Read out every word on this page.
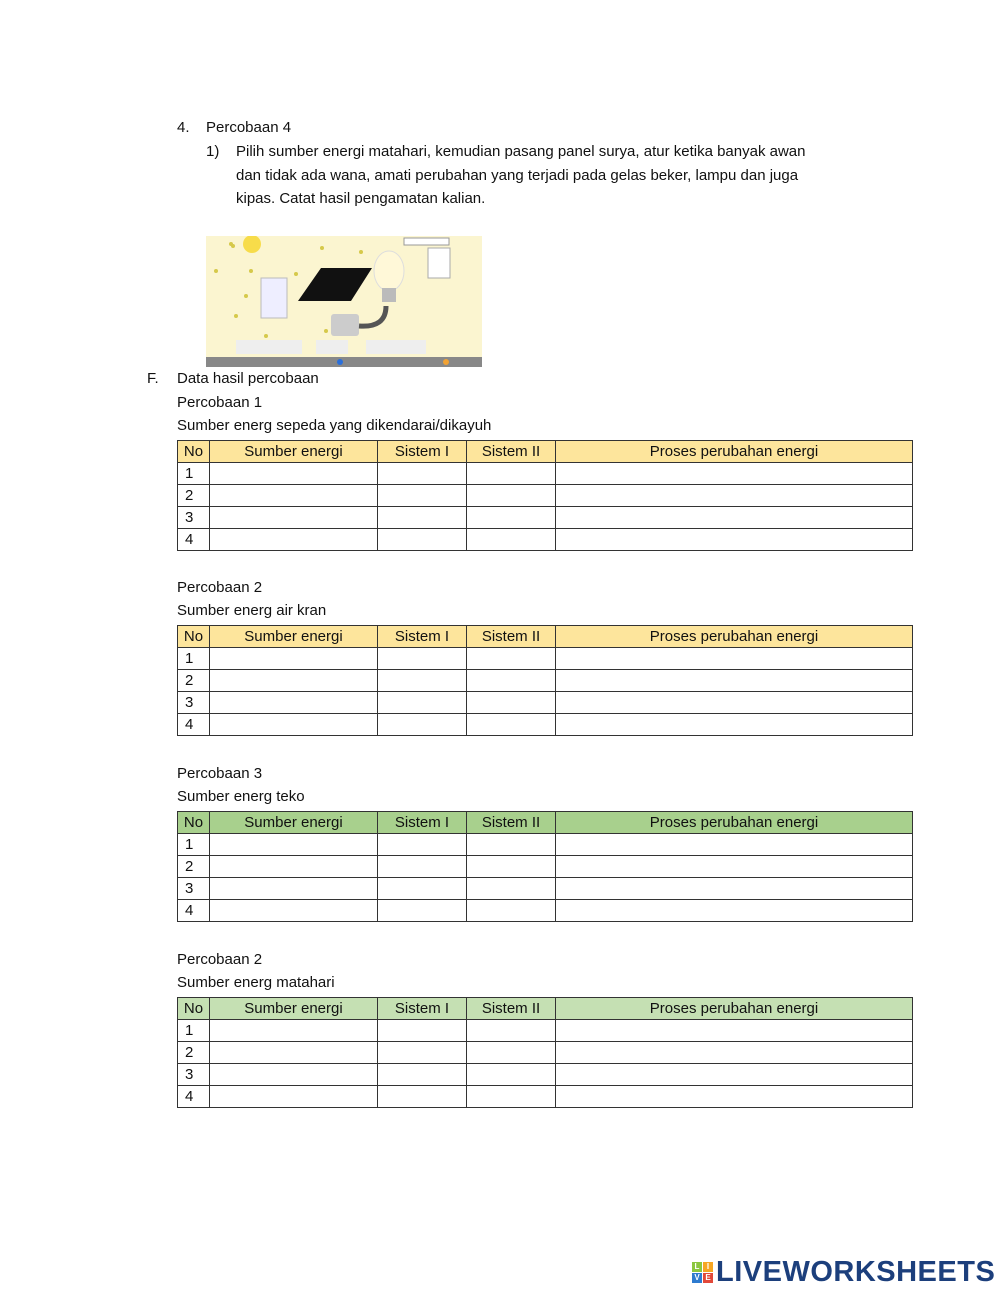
4. Percobaan 4
1) Pilih sumber energi matahari, kemudian pasang panel surya, atur ketika banyak awan
dan tidak ada wana, amati perubahan yang terjadi pada gelas beker, lampu dan juga
kipas. Catat hasil pengamatan kalian.
F. Data hasil percobaan
Percobaan 1
Sumber energ sepeda yang dikendarai/dikayuh
No	Sumber energi	Sistem I	Sistem II	Proses perubahan energi
1				
2				
3				
4				
Percobaan 2
Sumber energ air kran
No	Sumber energi	Sistem I	Sistem II	Proses perubahan energi
1				
2				
3				
4				
Percobaan 3
Sumber energ teko
No	Sumber energi	Sistem I	Sistem II	Proses perubahan energi
1				
2				
3				
4				
Percobaan 2
Sumber energ matahari
No	Sumber energi	Sistem I	Sistem II	Proses perubahan energi
1				
2				
3				
4				
L I
V E LIVEWORKSHEETS
